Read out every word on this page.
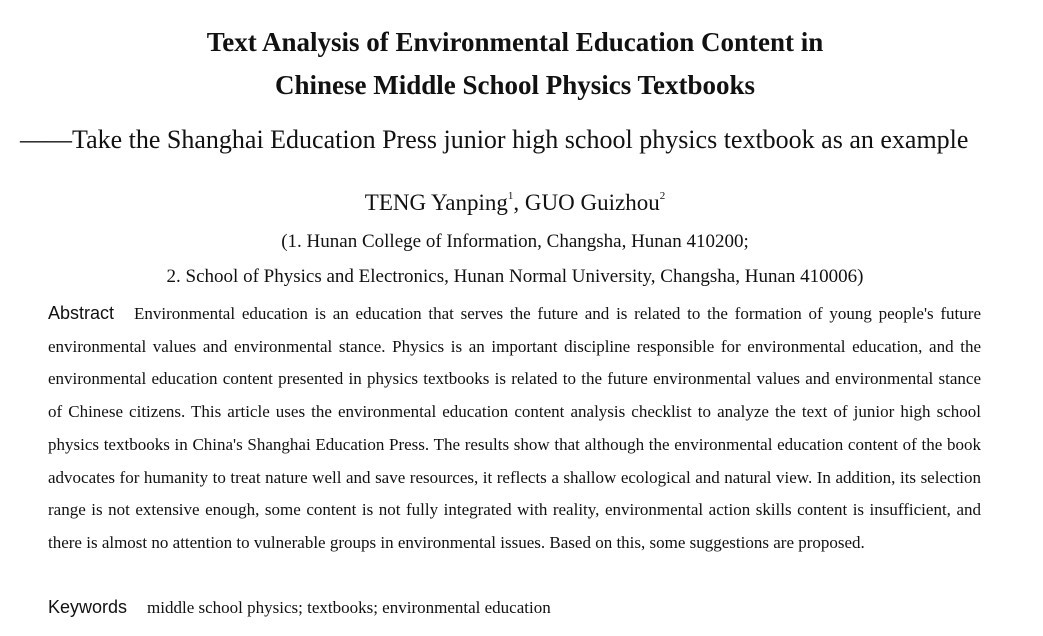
Text Analysis of Environmental Education Content in
Chinese Middle School Physics Textbooks
——Take the Shanghai Education Press junior high school physics textbook as an example
TENG Yanping$^1$, GUO Guizhou$^2$
(1. Hunan College of Information, Changsha, Hunan 410200;
2. School of Physics and Electronics, Hunan Normal University, Changsha, Hunan 410006)

Abstract Environmental education is an education that serves the future and is related to the formation of young people's future environmental values and environmental stance. Physics is an important discipline responsible for environmental education, and the environmental education content presented in physics textbooks is related to the future environmental values and environmental stance of Chinese citizens. This article uses the environmental education content analysis checklist to analyze the text of junior high school physics textbooks in China's Shanghai Education Press. The results show that although the environmental education content of the book advocates for humanity to treat nature well and save resources, it reflects a shallow ecological and natural view. In addition, its selection range is not extensive enough, some content is not fully integrated with reality, environmental action skills content is insufficient, and there is almost no attention to vulnerable groups in environmental issues. Based on this, some suggestions are proposed.

Keywords middle school physics; textbooks; environmental education
